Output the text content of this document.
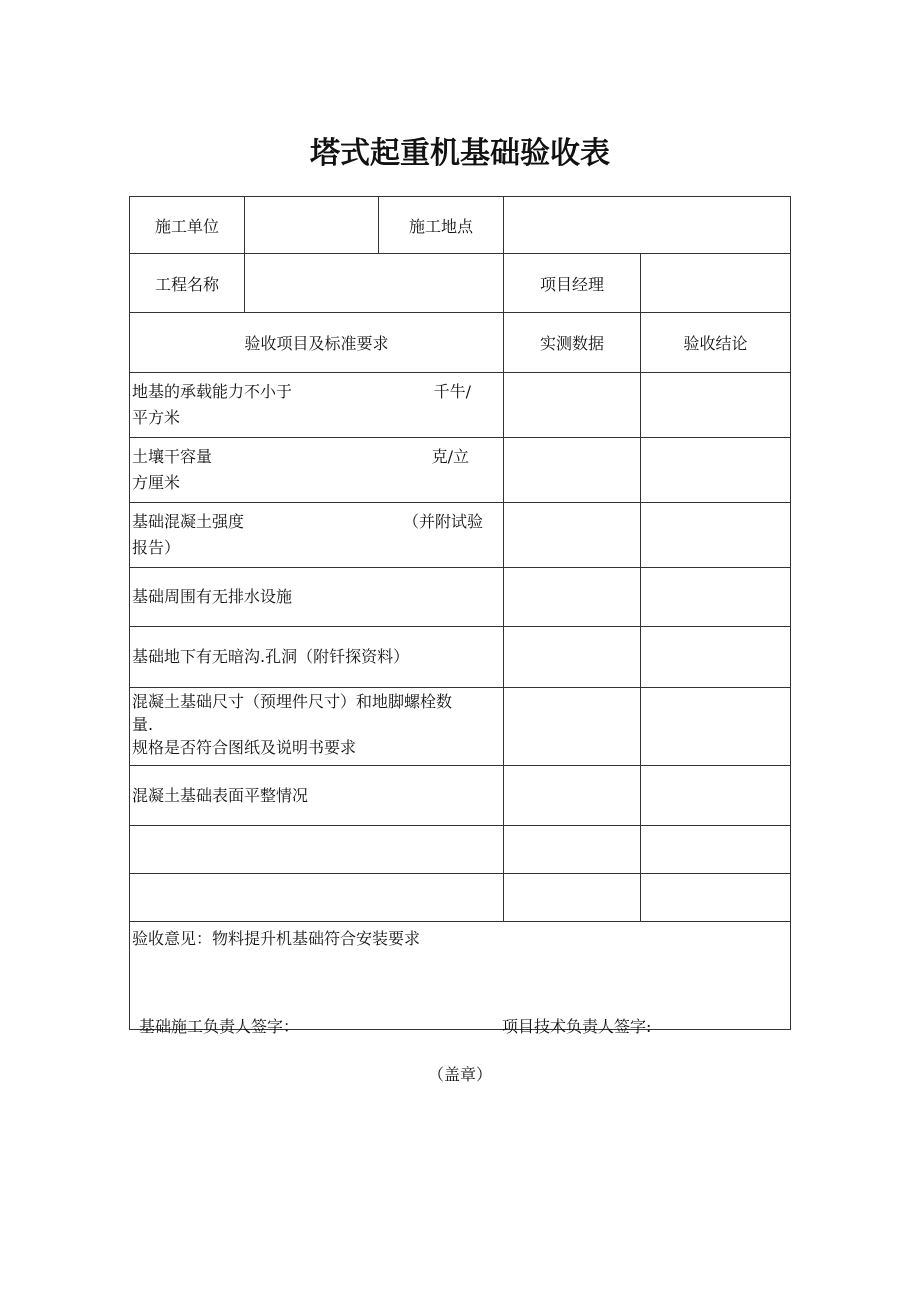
塔式起重机基础验收表
施工单位		施工地点		
工程名称			项目经理	
验收项目及标准要求			实测数据	验收结论

地基的承载能力不小于 千牛/
平方米				

土壤干容量 克/立
方厘米				

基础混凝土强度 （并附试验
报告）				

基础周围有无排水设施				
基础地下有无暗沟.孔洞（附钎探资料）				

混凝土基础尺寸（预埋件尺寸）和地脚螺栓数
量.
规格是否符合图纸及说明书要求				

混凝土基础表面平整情况				

验收意见：物料提升机基础符合安装要求				
基础施工负责人签字：	项目技术负责人签字:
（盖章）
